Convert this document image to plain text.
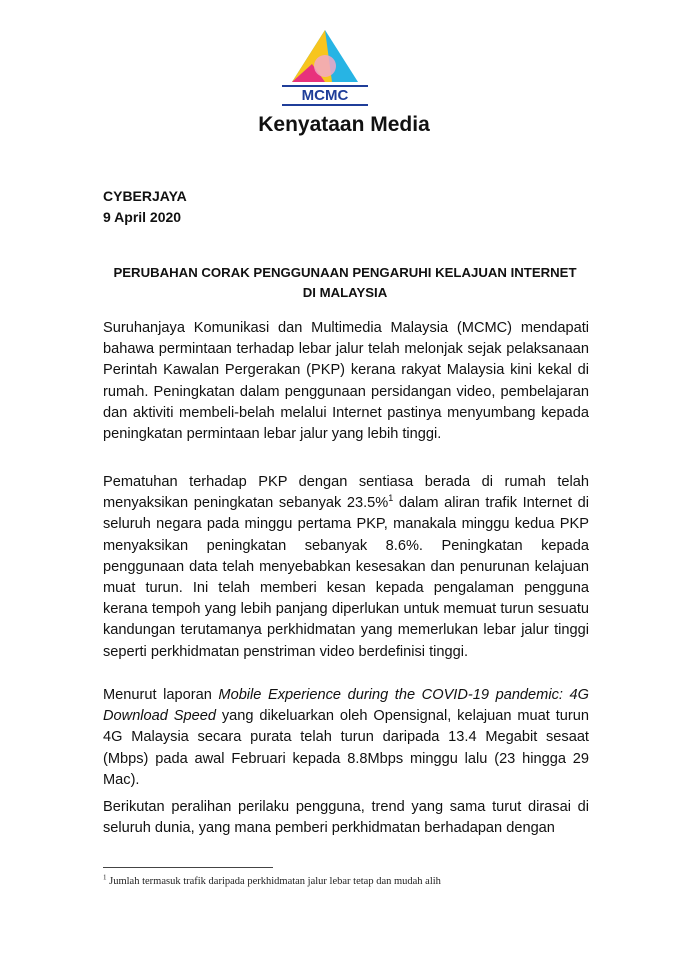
MCMC
Kenyataan Media
CYBERJAYA
9 April 2020
PERUBAHAN CORAK PENGGUNAAN PENGARUHI KELAJUAN INTERNET
DI MALAYSIA

Suruhanjaya Komunikasi dan Multimedia Malaysia (MCMC) mendapati bahawa permintaan terhadap lebar jalur telah melonjak sejak pelaksanaan Perintah Kawalan Pergerakan (PKP) kerana rakyat Malaysia kini kekal di rumah. Peningkatan dalam penggunaan persidangan video, pembelajaran dan aktiviti membeli-belah melalui Internet pastinya menyumbang kepada peningkatan permintaan lebar jalur yang lebih tinggi.

Pematuhan terhadap PKP dengan sentiasa berada di rumah telah menyaksikan peningkatan sebanyak 23.5%$^1$ dalam aliran trafik Internet di seluruh negara pada minggu pertama PKP, manakala minggu kedua PKP menyaksikan peningkatan sebanyak 8.6%. Peningkatan kepada penggunaan data telah menyebabkan kesesakan dan penurunan kelajuan muat turun. Ini telah memberi kesan kepada pengalaman pengguna kerana tempoh yang lebih panjang diperlukan untuk memuat turun sesuatu kandungan terutamanya perkhidmatan yang memerlukan lebar jalur tinggi seperti perkhidmatan penstriman video berdefinisi tinggi.

Menurut laporan Mobile Experience during the COVID-19 pandemic: 4G Download Speed yang dikeluarkan oleh Opensignal, kelajuan muat turun 4G Malaysia secara purata telah turun daripada 13.4 Megabit sesaat (Mbps) pada awal Februari kepada 8.8Mbps minggu lalu (23 hingga 29 Mac).

Berikutan peralihan perilaku pengguna, trend yang sama turut dirasai di seluruh dunia, yang mana pemberi perkhidmatan berhadapan dengan

$^1$ Jumlah termasuk trafik daripada perkhidmatan jalur lebar tetap dan mudah alih
